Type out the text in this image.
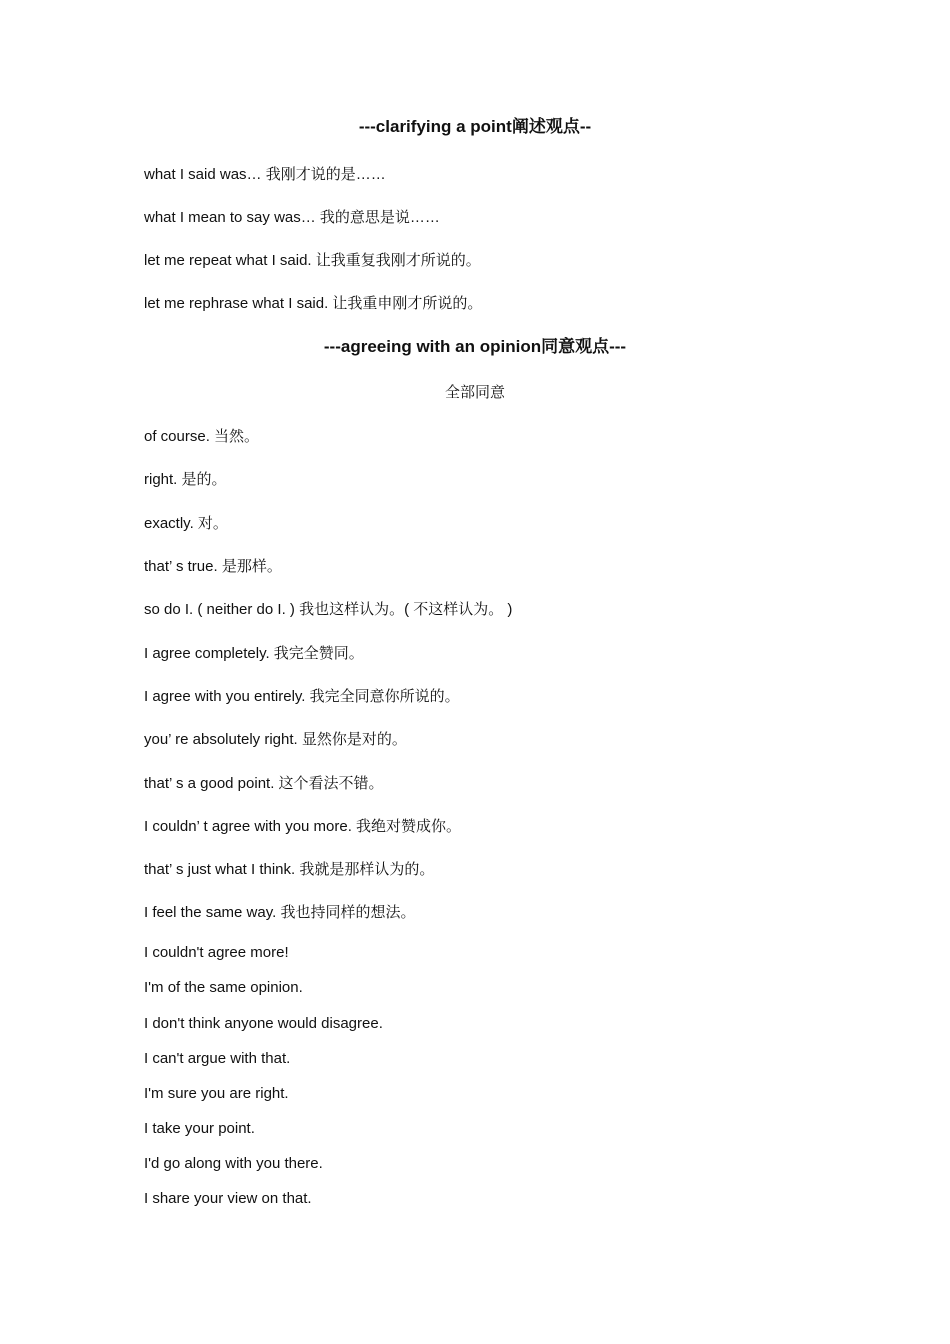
---clarifying a point阐述观点--
what I said was… 我刚才说的是……
what I mean to say was… 我的意思是说……
let me repeat what I said. 让我重复我刚才所说的。
let me rephrase what I said. 让我重申刚才所说的。
---agreeing with an opinion同意观点---
全部同意
of course. 当然。
right. 是的。
exactly. 对。
that’ s true. 是那样。
so do I. ( neither do I. ) 我也这样认为。( 不这样认为。 )
I agree completely. 我完全赞同。
I agree with you entirely. 我完全同意你所说的。
you’ re absolutely right. 显然你是对的。
that’ s a good point. 这个看法不错。
I couldn’ t agree with you more. 我绝对赞成你。
that’ s just what I think. 我就是那样认为的。
I feel the same way. 我也持同样的想法。
I couldn't agree more!
I'm of the same opinion.
I don't think anyone would disagree.
I can't argue with that.
I'm sure you are right.
I take your point.
I'd go along with you there.
I share your view on that.
